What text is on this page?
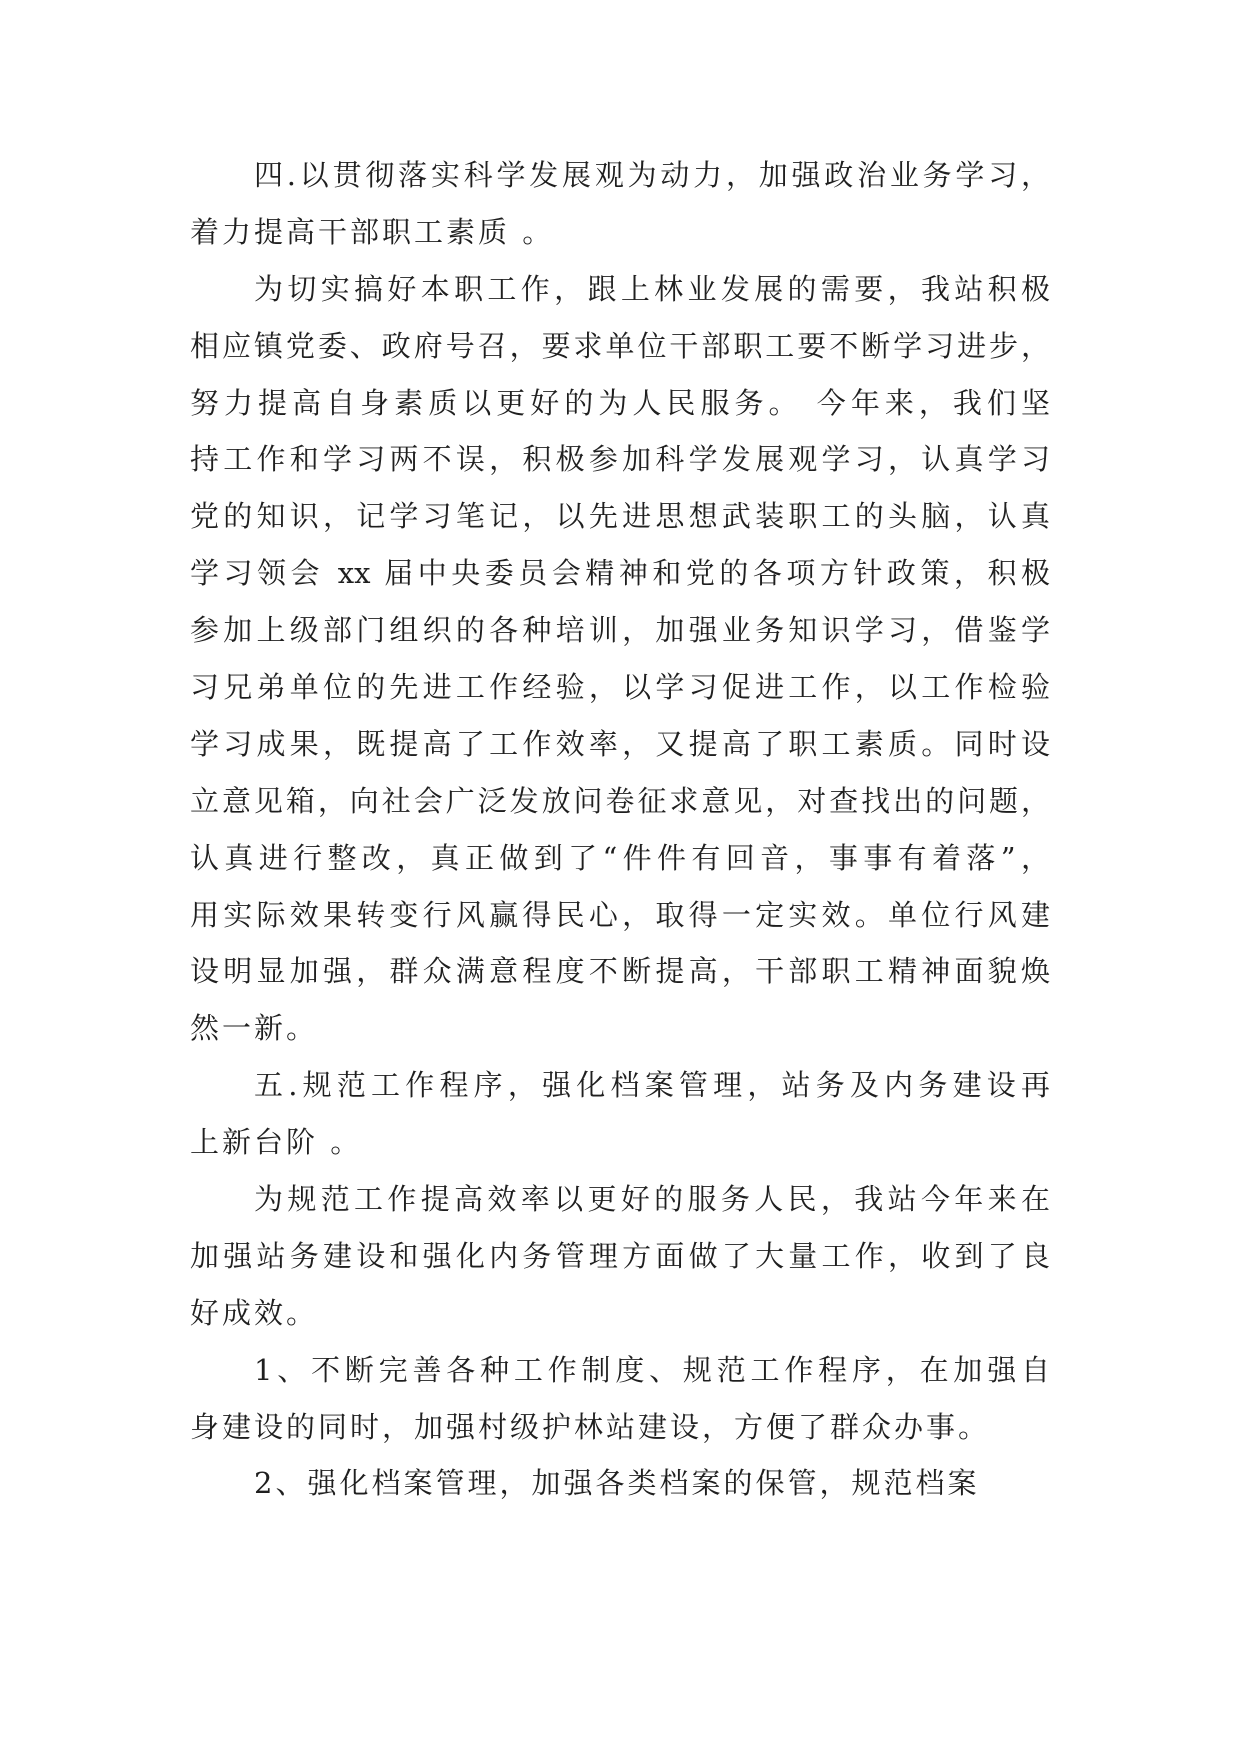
四.以贯彻落实科学发展观为动力，加强政治业务学习，
着力提高干部职工素质 。
为切实搞好本职工作，跟上林业发展的需要，我站积极
相应镇党委、政府号召，要求单位干部职工要不断学习进步，
努力提高自身素质以更好的为人民服务。 今年来，我们坚
持工作和学习两不误，积极参加科学发展观学习，认真学习
党的知识，记学习笔记，以先进思想武装职工的头脑，认真
学习领会 xx 届中央委员会精神和党的各项方针政策，积极
参加上级部门组织的各种培训，加强业务知识学习，借鉴学
习兄弟单位的先进工作经验，以学习促进工作，以工作检验
学习成果，既提高了工作效率，又提高了职工素质。同时设
立意见箱，向社会广泛发放问卷征求意见，对查找出的问题，
认真进行整改，真正做到了“件件有回音，事事有着落”，
用实际效果转变行风赢得民心，取得一定实效。单位行风建
设明显加强，群众满意程度不断提高，干部职工精神面貌焕
然一新。
五.规范工作程序，强化档案管理，站务及内务建设再
上新台阶 。
为规范工作提高效率以更好的服务人民，我站今年来在
加强站务建设和强化内务管理方面做了大量工作，收到了良
好成效。
1、不断完善各种工作制度、规范工作程序，在加强自
身建设的同时，加强村级护林站建设，方便了群众办事。
2、强化档案管理，加强各类档案的保管，规范档案
